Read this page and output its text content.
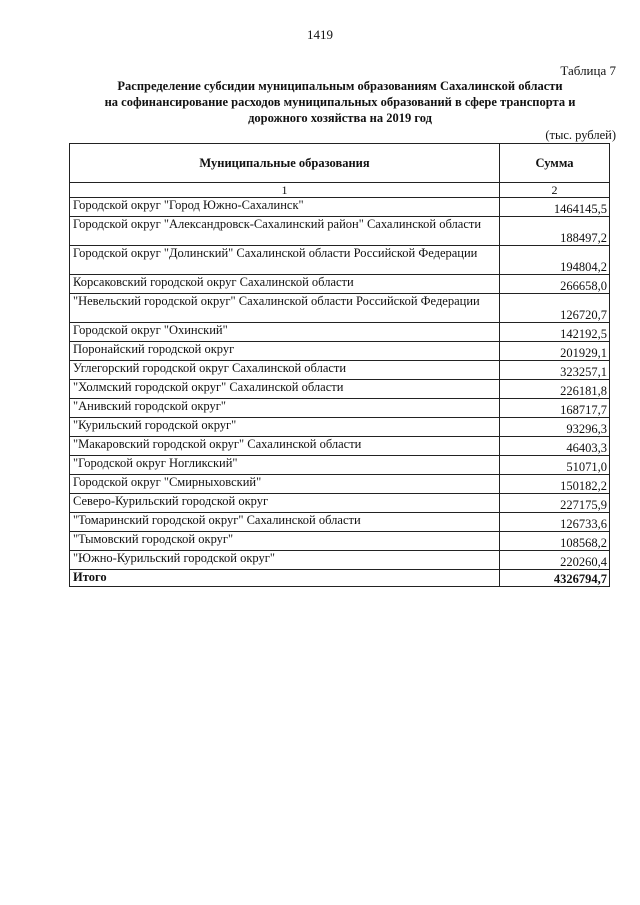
1419
Таблица 7
Распределение субсидии муниципальным образованиям Сахалинской области
на софинансирование расходов муниципальных образований в сфере транспорта и
дорожного хозяйства на 2019 год
(тыс. рублей)
Муниципальные образования	Сумма
1	2
Городской округ "Город Южно-Сахалинск"	1464145,5
Городской округ "Александровск-Сахалинский район" Сахалинской области	188497,2
Городской округ "Долинский" Сахалинской области Российской Федерации	194804,2
Корсаковский городской округ Сахалинской области	266658,0
"Невельский городской округ" Сахалинской области Российской Федерации	126720,7
Городской округ "Охинский"	142192,5
Поронайский городской округ	201929,1
Углегорский городской округ Сахалинской области	323257,1
"Холмский городской округ" Сахалинской области	226181,8
"Анивский городской округ"	168717,7
"Курильский городской округ"	93296,3
"Макаровский городской округ" Сахалинской области	46403,3
"Городской округ Ногликский"	51071,0
Городской округ "Смирныховский"	150182,2
Северо-Курильский городской округ	227175,9
"Томаринский городской округ" Сахалинской области	126733,6
"Тымовский городской округ"	108568,2
"Южно-Курильский городской округ"	220260,4
Итого	4326794,7
